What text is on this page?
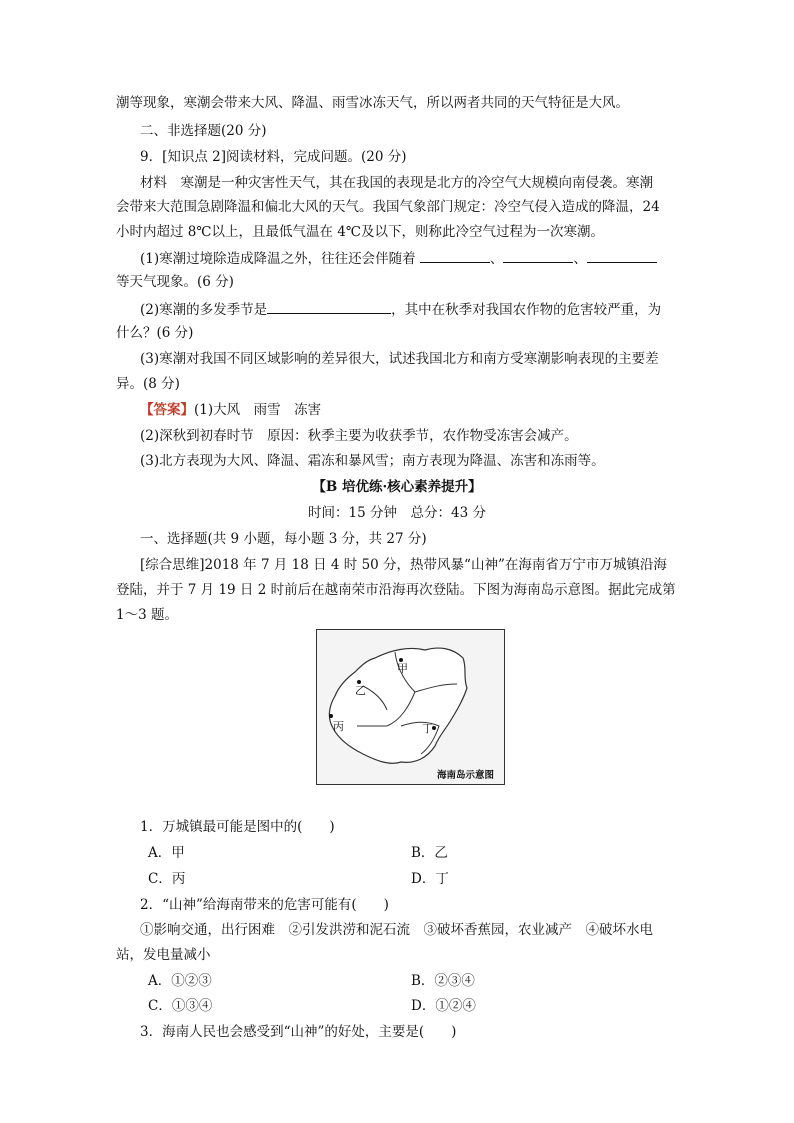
潮等现象，寒潮会带来大风、降温、雨雪冰冻天气，所以两者共同的天气特征是大风。
二、非选择题(20 分)
9．[知识点 2]阅读材料，完成问题。(20 分)
材料　寒潮是一种灾害性天气，其在我国的表现是北方的冷空气大规模向南侵袭。寒潮
会带来大范围急剧降温和偏北大风的天气。我国气象部门规定：冷空气侵入造成的降温，24
小时内超过 8℃以上，且最低气温在 4℃及以下，则称此冷空气过程为一次寒潮。
(1)寒潮过境除造成降温之外，往往还会伴随着	、	、
等天气现象。(6 分)
(2)寒潮的多发季节是	，其中在秋季对我国农作物的危害较严重，为
什么？(6 分)
(3)寒潮对我国不同区域影响的差异很大，试述我国北方和南方受寒潮影响表现的主要差
异。(8 分)
【答案】(1)大风　雨雪　冻害
(2)深秋到初春时节　原因：秋季主要为收获季节，农作物受冻害会减产。
(3)北方表现为大风、降温、霜冻和暴风雪；南方表现为降温、冻害和冻雨等。
【B 培优练·核心素养提升】
时间：15 分钟　总分：43 分
一、选择题(共 9 小题，每小题 3 分，共 27 分)
[综合思维]2018 年 7 月 18 日 4 时 50 分，热带风暴“山神”在海南省万宁市万城镇沿海
登陆，并于 7 月 19 日 2 时前后在越南荣市沿海再次登陆。下图为海南岛示意图。据此完成第
1～3 题。
甲
乙
丙	丁
海南岛示意图
1．万城镇最可能是图中的(　　)
A．甲	B．乙
C．丙	D．丁
2．“山神”给海南带来的危害可能有(　　)
①影响交通，出行困难　②引发洪涝和泥石流　③破坏香蕉园，农业减产　④破坏水电
站，发电量减小
A．①②③	B．②③④
C．①③④	D．①②④
3．海南人民也会感受到“山神”的好处，主要是(　　)
